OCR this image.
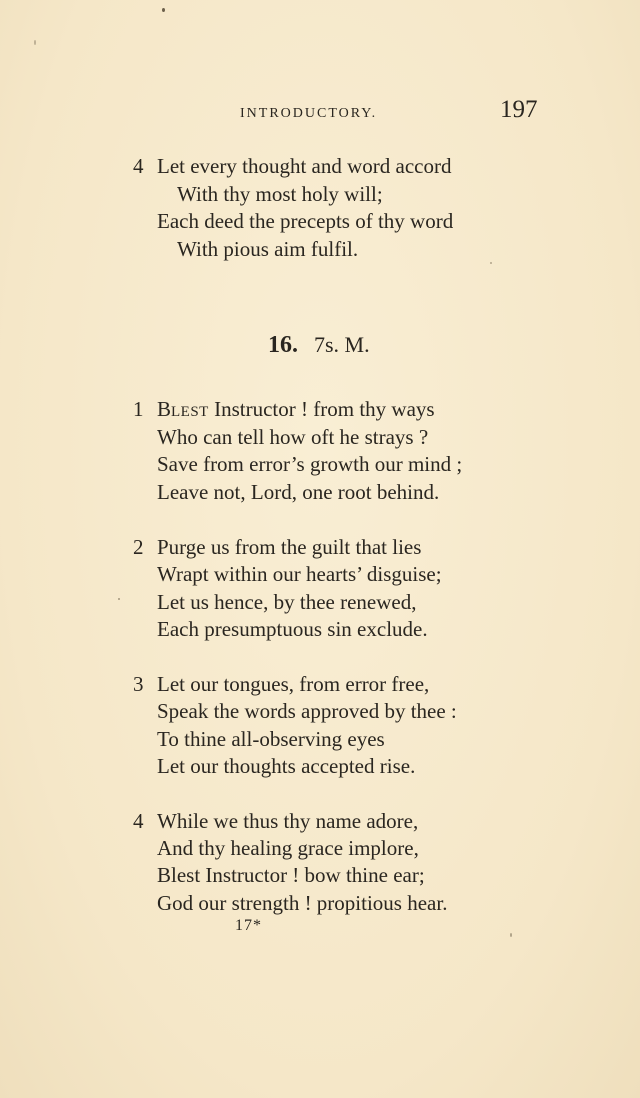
INTRODUCTORY.	197
4 Let every thought and word accord
With thy most holy will;
Each deed the precepts of thy word
With pious aim fulfil.
16. 7s. M.
1 BLEST Instructor ! from thy ways
Who can tell how oft he strays ?
Save from error’s growth our mind ;
Leave not, Lord, one root behind.
2 Purge us from the guilt that lies
Wrapt within our hearts’ disguise;
Let us hence, by thee renewed,
Each presumptuous sin exclude.
3 Let our tongues, from error free,
Speak the words approved by thee :
To thine all-observing eyes
Let our thoughts accepted rise.
4 While we thus thy name adore,
And thy healing grace implore,
Blest Instructor ! bow thine ear;
God our strength ! propitious hear.
17*
